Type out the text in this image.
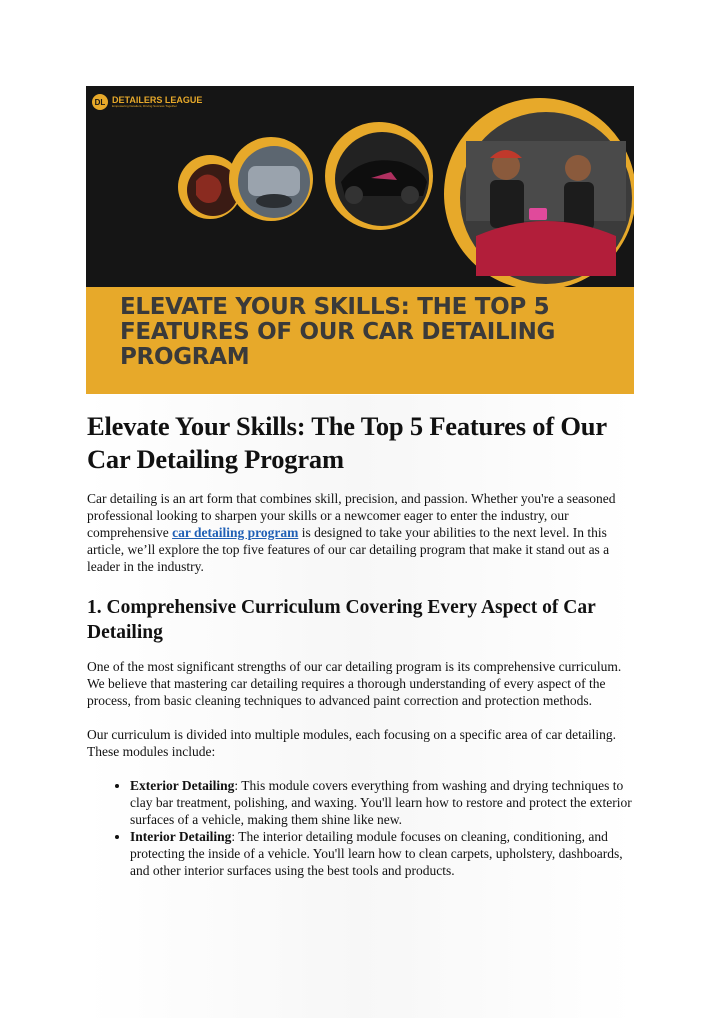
DL DETAILERS LEAGUE
Empowering Detailers, Driving Success Together
ELEVATE YOUR SKILLS: THE TOP 5
FEATURES OF OUR CAR DETAILING
PROGRAM
Elevate Your Skills: The Top 5 Features of Our Car Detailing Program

Car detailing is an art form that combines skill, precision, and passion. Whether you're a seasoned professional looking to sharpen your skills or a newcomer eager to enter the industry, our comprehensive car detailing program is designed to take your abilities to the next level. In this article, we’ll explore the top five features of our car detailing program that make it stand out as a leader in the industry.

1. Comprehensive Curriculum Covering Every Aspect of Car Detailing

One of the most significant strengths of our car detailing program is its comprehensive curriculum. We believe that mastering car detailing requires a thorough understanding of every aspect of the process, from basic cleaning techniques to advanced paint correction and protection methods.

Our curriculum is divided into multiple modules, each focusing on a specific area of car detailing. These modules include:

• Exterior Detailing: This module covers everything from washing and drying techniques to clay bar treatment, polishing, and waxing. You'll learn how to restore and protect the exterior surfaces of a vehicle, making them shine like new.
• Interior Detailing: The interior detailing module focuses on cleaning, conditioning, and protecting the inside of a vehicle. You'll learn how to clean carpets, upholstery, dashboards, and other interior surfaces using the best tools and products.
